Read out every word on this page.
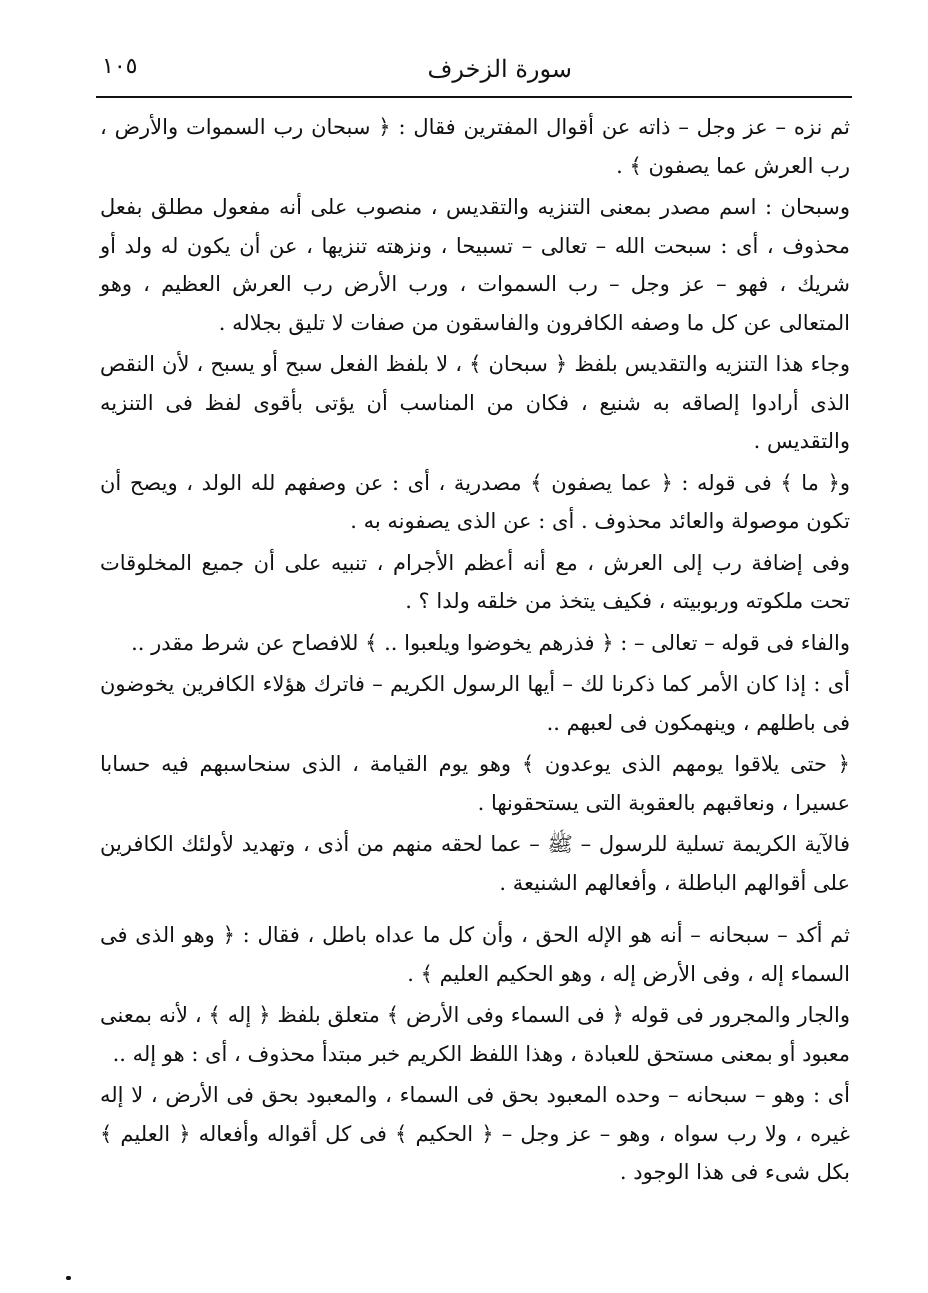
سورة الزخرف
١٠٥

ثم نزه – عز وجل – ذاته عن أقوال المفترين فقال : ﴿ سبحان رب السموات والأرض ، رب العرش عما يصفون ﴾ .

وسبحان : اسم مصدر بمعنى التنزيه والتقديس ، منصوب على أنه مفعول مطلق بفعل محذوف ، أى : سبحت الله – تعالى – تسبيحا ، ونزهته تنزيها ، عن أن يكون له ولد أو شريك ، فهو – عز وجل – رب السموات ، ورب الأرض رب العرش العظيم ، وهو المتعالى عن كل ما وصفه الكافرون والفاسقون من صفات لا تليق بجلاله .

وجاء هذا التنزيه والتقديس بلفظ ﴿ سبحان ﴾ ، لا بلفظ الفعل سبح أو يسبح ، لأن النقص الذى أرادوا إلصاقه به شنيع ، فكان من المناسب أن يؤتى بأقوى لفظ فى التنزيه والتقديس .

و﴿ ما ﴾ فى قوله : ﴿ عما يصفون ﴾ مصدرية ، أى : عن وصفهم لله الولد ، ويصح أن تكون موصولة والعائد محذوف . أى : عن الذى يصفونه به .

وفى إضافة رب إلى العرش ، مع أنه أعظم الأجرام ، تنبيه على أن جميع المخلوقات تحت ملكوته وربوبيته ، فكيف يتخذ من خلقه ولدا ؟ .

والفاء فى قوله – تعالى – : ﴿ فذرهم يخوضوا ويلعبوا .. ﴾ للافصاح عن شرط مقدر ..

أى : إذا كان الأمر كما ذكرنا لك – أيها الرسول الكريم – فاترك هؤلاء الكافرين يخوضون فى باطلهم ، وينهمكون فى لعبهم ..

﴿ حتى يلاقوا يومهم الذى يوعدون ﴾ وهو يوم القيامة ، الذى سنحاسبهم فيه حسابا عسيرا ، ونعاقبهم بالعقوبة التى يستحقونها .

فالآية الكريمة تسلية للرسول – ﷺ – عما لحقه منهم من أذى ، وتهديد لأولئك الكافرين على أقوالهم الباطلة ، وأفعالهم الشنيعة .

ثم أكد – سبحانه – أنه هو الإله الحق ، وأن كل ما عداه باطل ، فقال : ﴿ وهو الذى فى السماء إله ، وفى الأرض إله ، وهو الحكيم العليم ﴾ .

والجار والمجرور فى قوله ﴿ فى السماء وفى الأرض ﴾ متعلق بلفظ ﴿ إله ﴾ ، لأنه بمعنى معبود أو بمعنى مستحق للعبادة ، وهذا اللفظ الكريم خبر مبتدأ محذوف ، أى : هو إله ..

أى : وهو – سبحانه – وحده المعبود بحق فى السماء ، والمعبود بحق فى الأرض ، لا إله غيره ، ولا رب سواه ، وهو – عز وجل – ﴿ الحكيم ﴾ فى كل أقواله وأفعاله ﴿ العليم ﴾ بكل شىء فى هذا الوجود .
